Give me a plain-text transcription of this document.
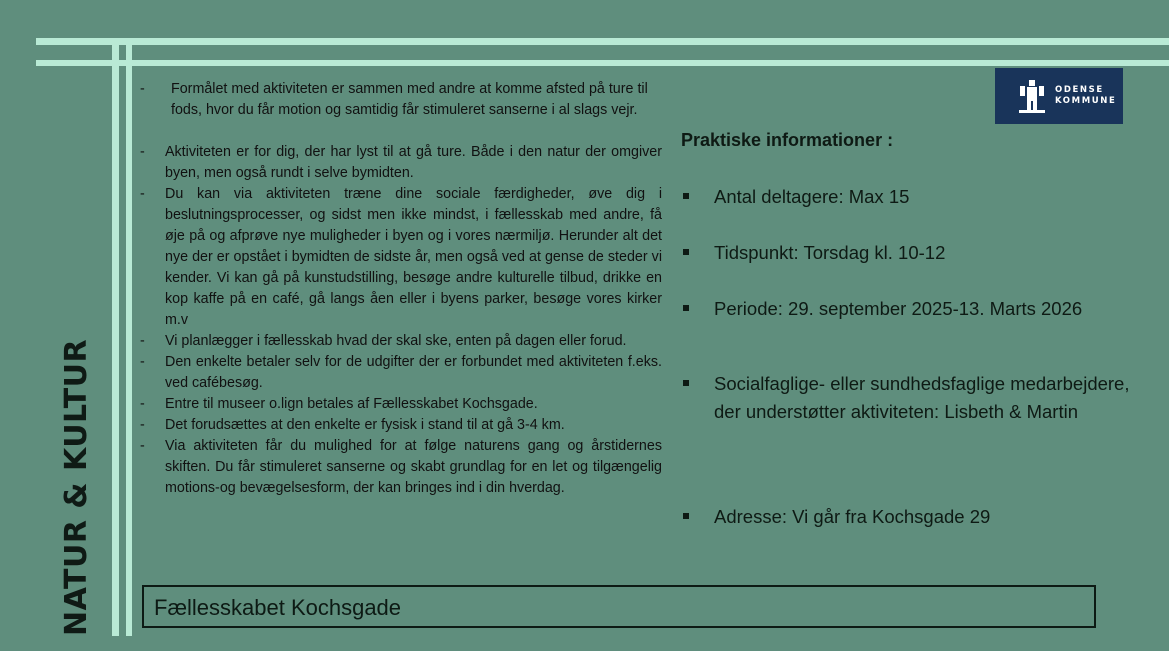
NATUR & KULTUR
- Formålet med aktiviteten er sammen med andre at komme afsted på ture til fods, hvor du får motion og samtidig får stimuleret sanserne i al slags vejr.
- Aktiviteten er for dig, der har lyst til at gå ture. Både i den natur der omgiver byen, men også rundt i selve bymidten.
- Du kan via aktiviteten træne dine sociale færdigheder, øve dig i beslutningsprocesser, og sidst men ikke mindst, i fællesskab med andre, få øje på og afprøve nye muligheder i byen og i vores nærmiljø. Herunder alt det nye der er opstået i bymidten de sidste år, men også ved at gense de steder vi kender. Vi kan gå på kunstudstilling, besøge andre kulturelle tilbud, drikke en kop kaffe på en café, gå langs åen eller i byens parker, besøge vores kirker m.v
- Vi planlægger i fællesskab hvad der skal ske, enten på dagen eller forud.
- Den enkelte betaler selv for de udgifter der er forbundet med aktiviteten f.eks. ved cafébesøg.
- Entre til museer o.lign betales af Fællesskabet Kochsgade.
- Det forudsættes at den enkelte er fysisk i stand til at gå 3-4 km.
- Via aktiviteten får du mulighed for at følge naturens gang og årstidernes skiften. Du får stimuleret sanserne og skabt grundlag for en let og tilgængelig motions-og bevægelsesform, der kan bringes ind i din hverdag.
ODENSE
KOMMUNE
Praktiske informationer :
Antal deltagere: Max 15
Tidspunkt: Torsdag kl. 10-12
Periode: 29. september 2025-13. Marts 2026
Socialfaglige- eller sundhedsfaglige medarbejdere, der understøtter aktiviteten: Lisbeth & Martin
Adresse: Vi går fra Kochsgade 29
Fællesskabet Kochsgade
